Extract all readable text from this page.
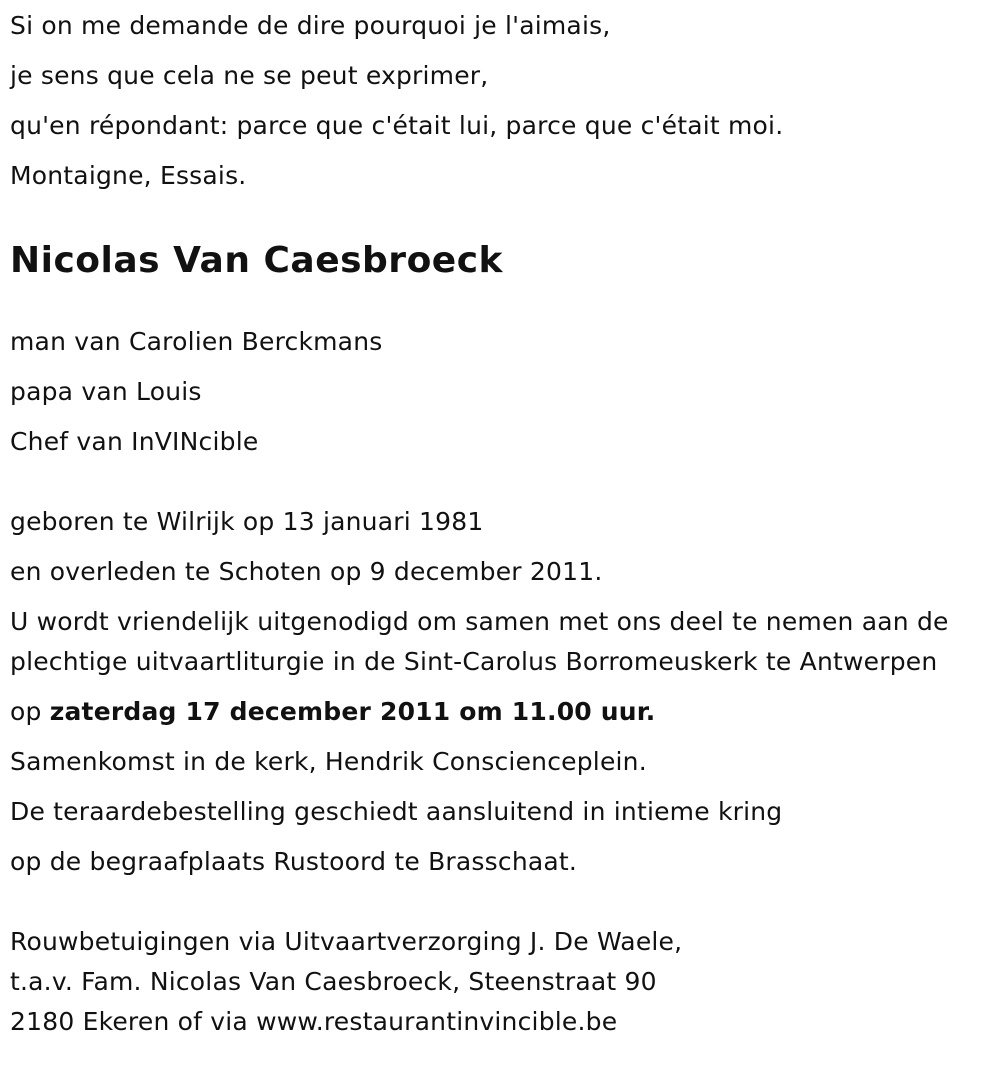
Si on me demande de dire pourquoi je l'aimais,

je sens que cela ne se peut exprimer,

qu'en répondant: parce que c'était lui, parce que c'était moi.

Montaigne, Essais.

Nicolas Van Caesbroeck

man van Carolien Berckmans

papa van Louis

Chef van InVINcible

geboren te Wilrijk op 13 januari 1981

en overleden te Schoten op 9 december 2011.

U wordt vriendelijk uitgenodigd om samen met ons deel te nemen aan de plechtige uitvaartliturgie in de Sint-Carolus Borromeuskerk te Antwerpen

op zaterdag 17 december 2011 om 11.00 uur.

Samenkomst in de kerk, Hendrik Conscienceplein.

De teraardebestelling geschiedt aansluitend in intieme kring

op de begraafplaats Rustoord te Brasschaat.

Rouwbetuigingen via Uitvaartverzorging J. De Waele,

t.a.v. Fam. Nicolas Van Caesbroeck, Steenstraat 90

2180 Ekeren of via www.restaurantinvincible.be
